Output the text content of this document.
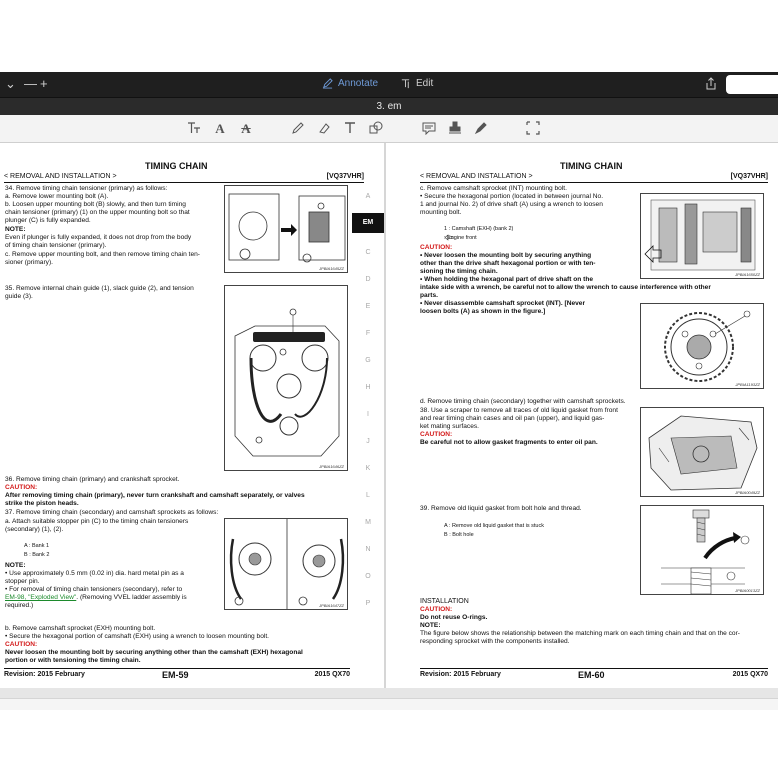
⌄ — +	Annotate	Edit
3. em
A A
TIMING CHAIN
< REMOVAL AND INSTALLATION >	[VQ37VHR]
34. Remove timing chain tensioner (primary) as follows:
a. Remove lower mounting bolt (A).
b. Loosen upper mounting bolt (B) slowly, and then turn timing
chain tensioner (primary) (1) on the upper mounting bolt so that
plunger (C) is fully expanded.
NOTE:
Even if plunger is fully expanded, it does not drop from the body
of timing chain tensioner (primary).
c. Remove upper mounting bolt, and then remove timing chain ten-
sioner (primary).
JPBIA1645ZZ
35. Remove internal chain guide (1), slack guide (2), and tension
guide (3).
JPBIA1646ZZ
36. Remove timing chain (primary) and crankshaft sprocket.
CAUTION:
After removing timing chain (primary), never turn crankshaft and camshaft separately, or valves
strike the piston heads.
37. Remove timing chain (secondary) and camshaft sprockets as follows:
a. Attach suitable stopper pin (C) to the timing chain tensioners
(secondary) (1), (2).
A : Bank 1
B : Bank 2
NOTE:
• Use approximately 0.5 mm (0.02 in) dia. hard metal pin as a
stopper pin.
• For removal of timing chain tensioners (secondary), refer to
EM-98, "Exploded View". (Removing VVEL ladder assembly is
required.)	JPBIA1647ZZ
b. Remove camshaft sprocket (EXH) mounting bolt.
• Secure the hexagonal portion of camshaft (EXH) using a wrench to loosen mounting bolt.
CAUTION:
Never loosen the mounting bolt by securing anything other than the camshaft (EXH) hexagonal
portion or with tensioning the timing chain.
Revision: 2015 February	EM-59	2015 QX70
A
EM
C
D
E
F
G
H
I
J
K
L
M
N
O
P
TIMING CHAIN
< REMOVAL AND INSTALLATION >	[VQ37VHR]
c. Remove camshaft sprocket (INT) mounting bolt.
• Secure the hexagonal portion (located in between journal No.
1 and journal No. 2) of drive shaft (A) using a wrench to loosen
mounting bolt.
1 : Camshaft (EXH) (bank 2)
: Engine front
CAUTION:
• Never loosen the mounting bolt by securing anything
other than the drive shaft hexagonal portion or with ten-
sioning the timing chain.
• When holding the hexagonal part of drive shaft on the
intake side with a wrench, be careful not to allow the wrench to cause interference with other
parts.
• Never disassemble camshaft sprocket (INT). [Never
loosen bolts (A) as shown in the figure.]
JPBIA1650ZZ
JPBIA1193ZZ
d. Remove timing chain (secondary) together with camshaft sprockets.
38. Use a scraper to remove all traces of old liquid gasket from front
and rear timing chain cases and oil pan (upper), and liquid gas-
ket mating surfaces.
CAUTION:
Be careful not to allow gasket fragments to enter oil pan.
JPBIA0049ZZ
39. Remove old liquid gasket from bolt hole and thread.
A : Remove old liquid gasket that is stuck
B : Bolt hole
JPBIA0013ZZ
INSTALLATION
CAUTION:
Do not reuse O-rings.
NOTE:
The figure below shows the relationship between the matching mark on each timing chain and that on the cor-
responding sprocket with the components installed.
Revision: 2015 February	EM-60	2015 QX70
